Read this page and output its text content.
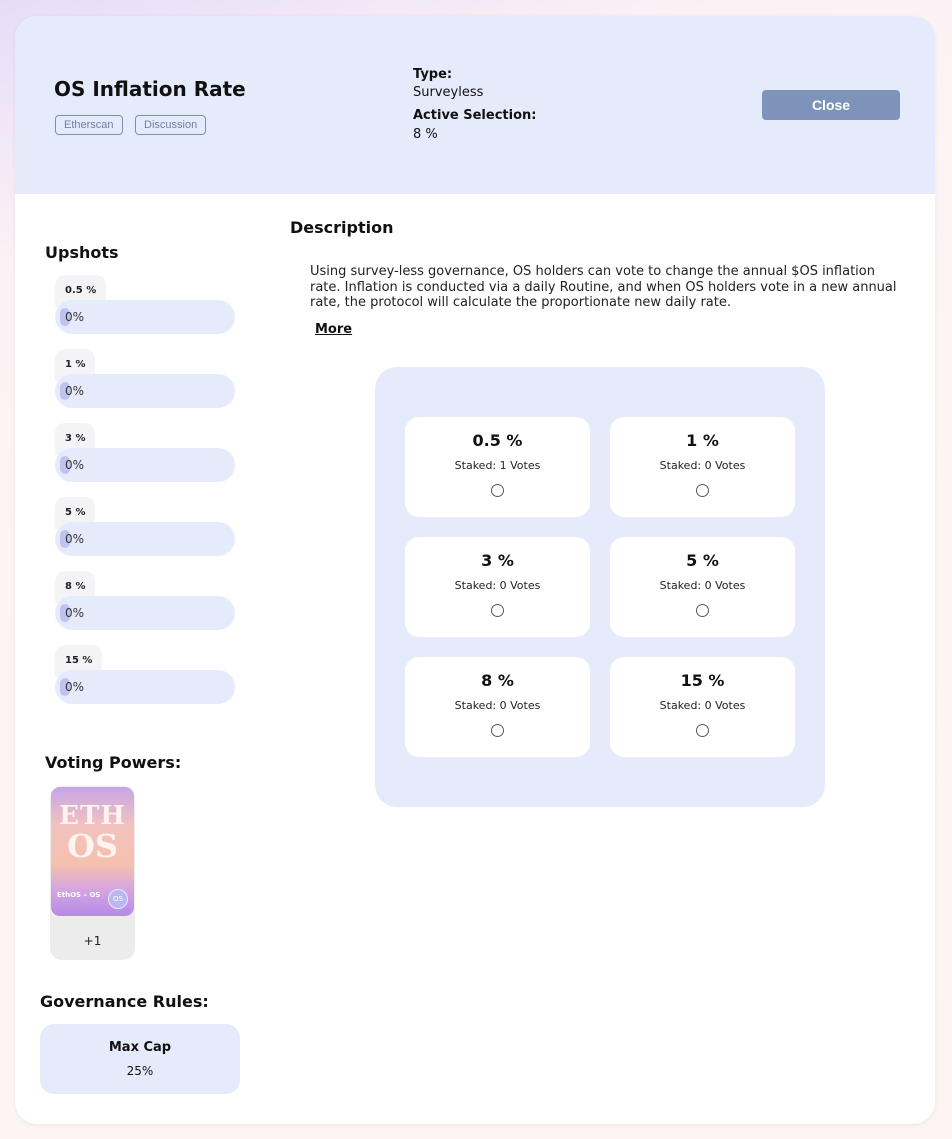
OS Inflation Rate
Etherscan	Discussion
Type:
Surveyless
Active Selection:
8 %
Close
Upshots
0.5 %
0%
1 %
0%
3 %
0%
5 %
0%
8 %
0%
15 %
0%
Description
Using survey-less governance, OS holders can vote to change the annual $OS inflation rate. Inflation is conducted via a daily Routine, and when OS holders vote in a new annual rate, the protocol will calculate the proportionate new daily rate.
More
0.5 %
Staked: 1 Votes
1 %
Staked: 0 Votes
3 %
Staked: 0 Votes
5 %
Staked: 0 Votes
8 %
Staked: 0 Votes
15 %
Staked: 0 Votes
Voting Powers:
ETH
OS
EthOS – OS	OS
+1
Governance Rules:
Max Cap
25%
